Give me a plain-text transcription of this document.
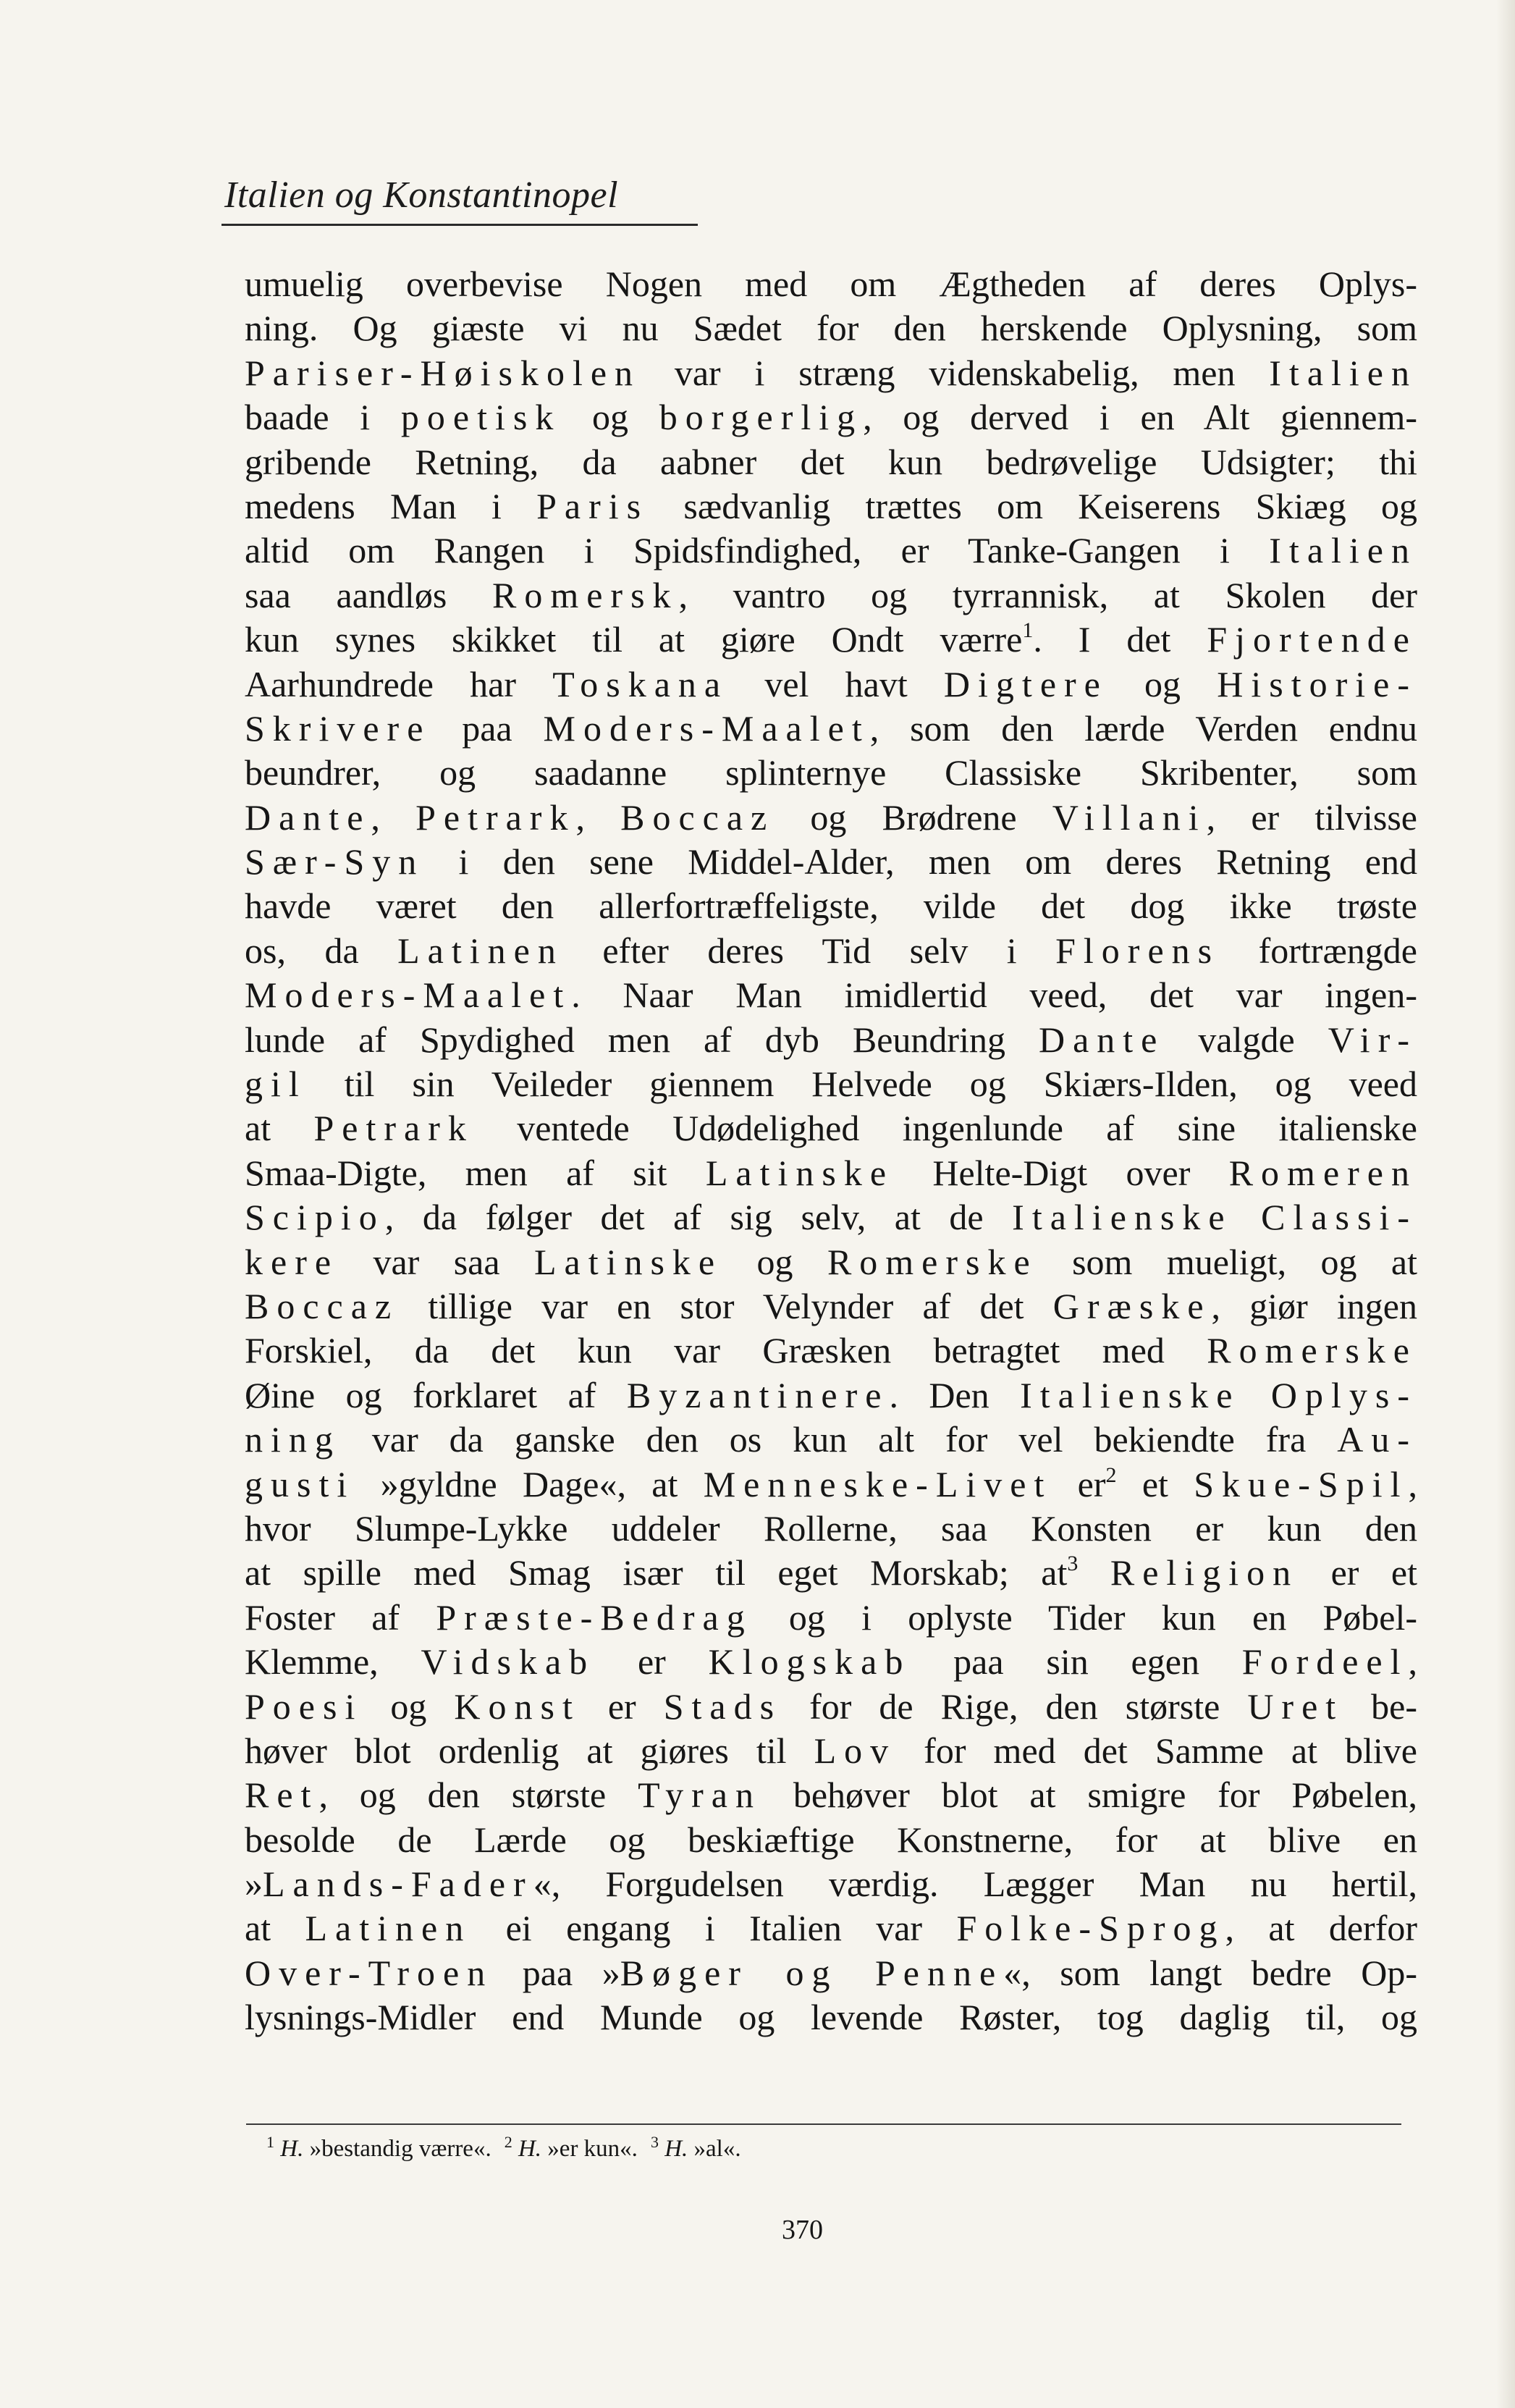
Italien og Konstantinopel
umuelig overbevise Nogen med om Ægtheden af deres Oplys-
ning. Og giæste vi nu Sædet for den herskende Oplysning, som
Pariser-Høiskolen var i stræng videnskabelig, men Italien
baade i poetisk og borgerlig, og derved i en Alt giennem-
gribende Retning, da aabner det kun bedrøvelige Udsigter; thi
medens Man i Paris sædvanlig trættes om Keiserens Skiæg og
altid om Rangen i Spidsfindighed, er Tanke-Gangen i Italien
saa aandløs Romersk, vantro og tyrrannisk, at Skolen der
kun synes skikket til at giøre Ondt værre$^1$. I det Fjortende
Aarhundrede har Toskana vel havt Digtere og Historie-
Skrivere paa Moders-Maalet, som den lærde Verden endnu
beundrer, og saadanne splinternye Classiske Skribenter, som
Dante, Petrark, Boccaz og Brødrene Villani, er tilvisse
Sær-Syn i den sene Middel-Alder, men om deres Retning end
havde været den allerfortræffeligste, vilde det dog ikke trøste
os, da Latinen efter deres Tid selv i Florens fortrængde
Moders-Maalet. Naar Man imidlertid veed, det var ingen-
lunde af Spydighed men af dyb Beundring Dante valgde Vir-
gil til sin Veileder giennem Helvede og Skiærs-Ilden, og veed
at Petrark ventede Udødelighed ingenlunde af sine italienske
Smaa-Digte, men af sit Latinske Helte-Digt over Romeren
Scipio, da følger det af sig selv, at de Italienske Classi-
kere var saa Latinske og Romerske som mueligt, og at
Boccaz tillige var en stor Velynder af det Græske, giør ingen
Forskiel, da det kun var Græsken betragtet med Romerske
Øine og forklaret af Byzantinere. Den Italienske Oplys-
ning var da ganske den os kun alt for vel bekiendte fra Au-
gusti »gyldne Dage«, at Menneske-Livet $er^2$ et Skue-Spil,
hvor Slumpe-Lykke uddeler Rollerne, saa Konsten er kun den
at spille med Smag især til eget Morskab; $at^3$ Religion er et
Foster af Præste-Bedrag og i oplyste Tider kun en Pøbel-
Klemme, Vidskab er Klogskab paa sin egen Fordeel,
Poesi og Konst er Stads for de Rige, den største Uret be-
høver blot ordenlig at giøres til Lov for med det Samme at blive
Ret, og den største Tyran behøver blot at smigre for Pøbelen,
besolde de Lærde og beskiæftige Konstnerne, for at blive en
»Lands-Fader«, Forgudelsen værdig. Lægger Man nu hertil,
at Latinen ei engang i Italien var Folke-Sprog, at derfor
Over-Troen paa »Bøger og Penne«, som langt bedre Op-
lysnings-Midler end Munde og levende Røster, tog daglig til, og
$^1$ H. »bestandig værre«. $^2$ H. »er kun«. $^3$ H. »al«.
370
